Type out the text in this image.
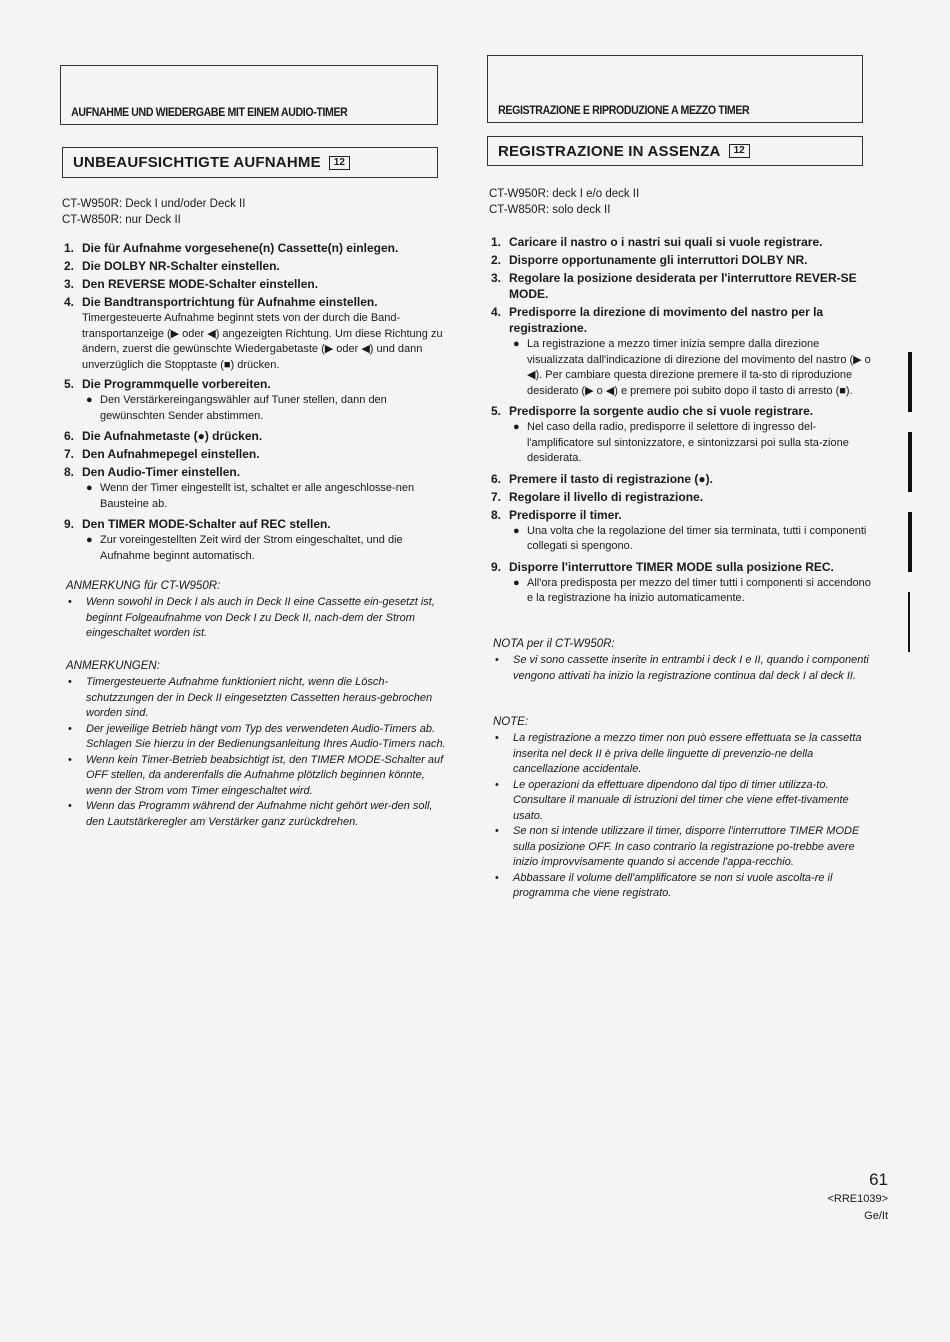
AUFNAHME UND WIEDERGABE MIT EINEM AUDIO-TIMER
UNBEAUFSICHTIGTE AUFNAHME	12
CT-W950R: Deck I und/oder Deck II
CT-W850R: nur Deck II
1. Die für Aufnahme vorgesehene(n) Cassette(n) einlegen.
2. Die DOLBY NR-Schalter einstellen.
3. Den REVERSE MODE-Schalter einstellen.
4. Die Bandtransportrichtung für Aufnahme einstellen.
Timergesteuerte Aufnahme beginnt stets von der durch die Band-transportanzeige (▶ oder ◀) angezeigten Richtung. Um diese Richtung zu ändern, zuerst die gewünschte Wiedergabetaste (▶ oder ◀) und dann unverzüglich die Stopptaste (■) drücken.
5. Die Programmquelle vorbereiten.
● Den Verstärkereingangswähler auf Tuner stellen, dann den gewünschten Sender abstimmen.
6. Die Aufnahmetaste (●) drücken.
7. Den Aufnahmepegel einstellen.
8. Den Audio-Timer einstellen.
● Wenn der Timer eingestellt ist, schaltet er alle angeschlosse-nen Bausteine ab.
9. Den TIMER MODE-Schalter auf REC stellen.
● Zur voreingestellten Zeit wird der Strom eingeschaltet, und die Aufnahme beginnt automatisch.
ANMERKUNG für CT-W950R:
• Wenn sowohl in Deck I als auch in Deck II eine Cassette ein-gesetzt ist, beginnt Folgeaufnahme von Deck I zu Deck II, nach-dem der Strom eingeschaltet worden ist.
ANMERKUNGEN:
• Timergesteuerte Aufnahme funktioniert nicht, wenn die Lösch-schutzzungen der in Deck II eingesetzten Cassetten heraus-gebrochen worden sind.
• Der jeweilige Betrieb hängt vom Typ des verwendeten Audio-Timers ab. Schlagen Sie hierzu in der Bedienungsanleitung Ihres Audio-Timers nach.
• Wenn kein Timer-Betrieb beabsichtigt ist, den TIMER MODE-Schalter auf OFF stellen, da anderenfalls die Aufnahme plötzlich beginnen könnte, wenn der Strom vom Timer eingeschaltet wird.
• Wenn das Programm während der Aufnahme nicht gehört wer-den soll, den Lautstärkeregler am Verstärker ganz zurückdrehen.
REGISTRAZIONE E RIPRODUZIONE A MEZZO TIMER
REGISTRAZIONE IN ASSENZA	12
CT-W950R: deck I e/o deck II
CT-W850R: solo deck II
1. Caricare il nastro o i nastri sui quali si vuole registrare.
2. Disporre opportunamente gli interruttori DOLBY NR.
3. Regolare la posizione desiderata per l'interruttore REVER-SE MODE.
4. Predisporre la direzione di movimento del nastro per la registrazione.
● La registrazione a mezzo timer inizia sempre dalla direzione visualizzata dall'indicazione di direzione del movimento del nastro (▶ o ◀). Per cambiare questa direzione premere il ta-sto di riproduzione desiderato (▶ o ◀) e premere poi subito dopo il tasto di arresto (■).
5. Predisporre la sorgente audio che si vuole registrare.
● Nel caso della radio, predisporre il selettore di ingresso del-l'amplificatore sul sintonizzatore, e sintonizzarsi poi sulla sta-zione desiderata.
6. Premere il tasto di registrazione (●).
7. Regolare il livello di registrazione.
8. Predisporre il timer.
● Una volta che la regolazione del timer sia terminata, tutti i componenti collegati si spengono.
9. Disporre l'interruttore TIMER MODE sulla posizione REC.
● All'ora predisposta per mezzo del timer tutti i componenti si accendono e la registrazione ha inizio automaticamente.
NOTA per il CT-W950R:
• Se vi sono cassette inserite in entrambi i deck I e II, quando i componenti vengono attivati ha inizio la registrazione continua dal deck I al deck II.
NOTE:
• La registrazione a mezzo timer non può essere effettuata se la cassetta inserita nel deck II è priva delle linguette di prevenzio-ne della cancellazione accidentale.
• Le operazioni da effettuare dipendono dal tipo di timer utilizza-to. Consultare il manuale di istruzioni del timer che viene effet-tivamente usato.
• Se non si intende utilizzare il timer, disporre l'interruttore TIMER MODE sulla posizione OFF. In caso contrario la registrazione po-trebbe avere inizio improvvisamente quando si accende l'appa-recchio.
• Abbassare il volume dell'amplificatore se non si vuole ascolta-re il programma che viene registrato.
61
<RRE1039>
Ge/It
